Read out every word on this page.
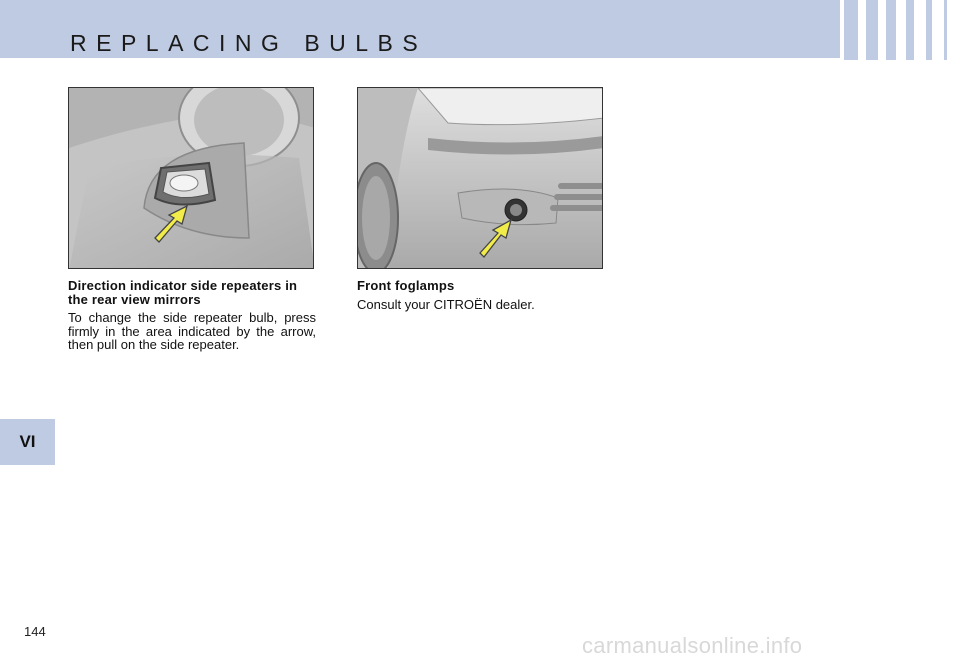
REPLACING BULBS
VI

Direction indicator side repeaters in the rear view mirrors

To change the side repeater bulb, press firmly in the area indicated by the arrow, then pull on the side repeater.

Front foglamps

Consult your CITROËN dealer.

144
carmanualsonline.info
